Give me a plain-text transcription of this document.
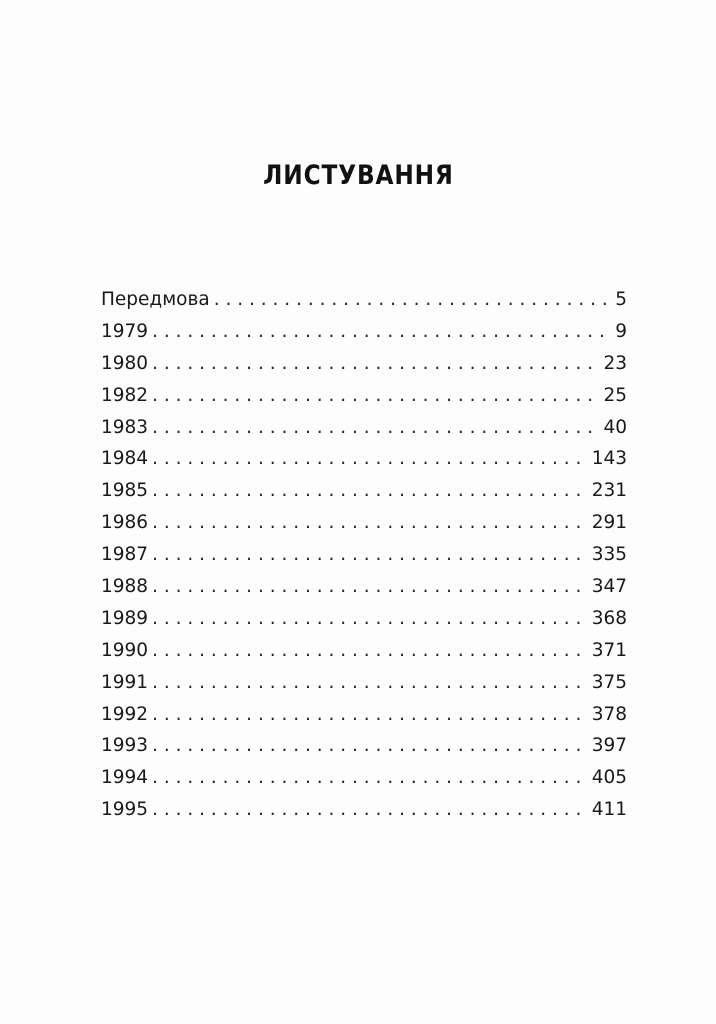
ЛИСТУВАННЯ
Передмова . . .	5
1979 . . .	9
1980 . . .	23
1982 . . .	25
1983 . . .	40
1984 . . .	143
1985 . . .	231
1986 . . .	291
1987 . . .	335
1988 . . .	347
1989 . . .	368
1990 . . .	371
1991 . . .	375
1992 . . .	378
1993 . . .	397
1994 . . .	405
1995 . . .	411
